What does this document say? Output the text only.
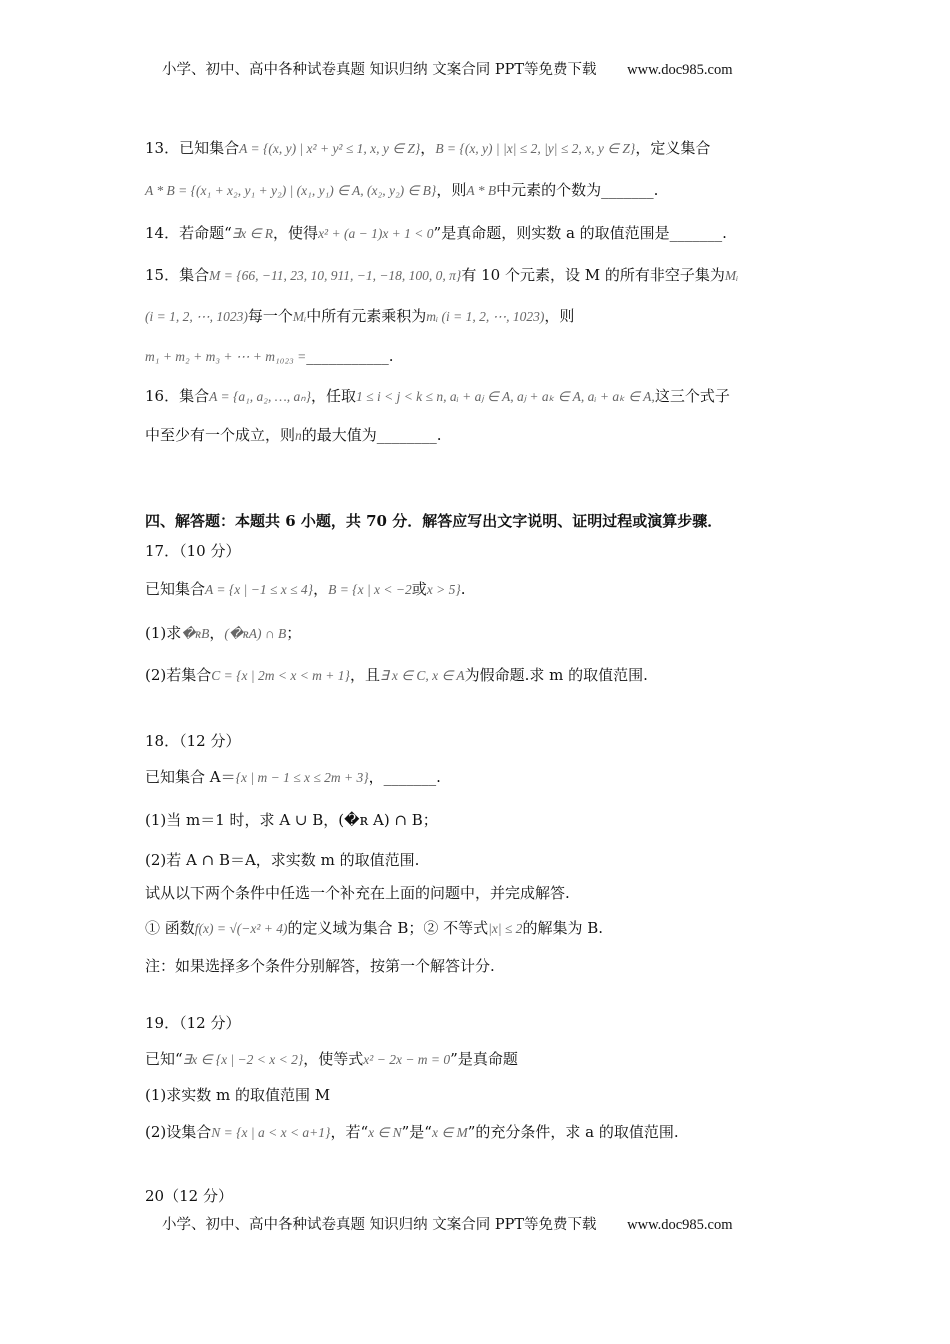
小学、初中、高中各种试卷真题 知识归纳 文案合同 PPT等免费下载 www.doc985.com
13．已知集合A = {(x, y) | x² + y² ≤ 1, x, y ∈ Z}，B = {(x, y) | |x| ≤ 2, |y| ≤ 2, x, y ∈ Z}，定义集合
A * B = {(x₁ + x₂, y₁ + y₂) | (x₁, y₁) ∈ A, (x₂, y₂) ∈ B}，则A * B中元素的个数为_______.
14．若命题“∃x ∈ R，使得x² + (a − 1)x + 1 < 0”是真命题，则实数 a 的取值范围是_______.
15．集合M = {66, −11, 23, 10, 911, −1, −18, 100, 0, π}有 10 个元素，设 M 的所有非空子集为Mᵢ
(i = 1, 2, ⋯, 1023)每一个Mᵢ中所有元素乘积为mᵢ (i = 1, 2, ⋯, 1023)，则
m₁ + m₂ + m₃ + ⋯ + m₁₀₂₃ =___________.
16．集合A = {a₁, a₂, …, aₙ}，任取1 ≤ i < j < k ≤ n, aᵢ + aⱼ ∈ A, aⱼ + aₖ ∈ A, aᵢ + aₖ ∈ A,这三个式子
中至少有一个成立，则n的最大值为________.
四、解答题：本题共 6 小题，共 70 分．解答应写出文字说明、证明过程或演算步骤．
17．（10 分）
已知集合A = {x | −1 ≤ x ≤ 4}，B = {x | x < −2或x > 5}.
(1)求�ʀB，(�ʀA) ∩ B；
(2)若集合C = {x | 2m < x < m + 1}，且∃ x ∈ C, x ∈ A为假命题.求 m 的取值范围.
18．（12 分）
已知集合 A＝{x | m − 1 ≤ x ≤ 2m + 3}，_______.
(1)当 m＝1 时，求 A ∪ B，(�ʀ A) ∩ B；
(2)若 A ∩ B＝A，求实数 m 的取值范围.
试从以下两个条件中任选一个补充在上面的问题中，并完成解答.
① 函数f(x) = √(−x² + 4)的定义域为集合 B；② 不等式|x| ≤ 2的解集为 B.
注：如果选择多个条件分别解答，按第一个解答计分.
19．（12 分）
已知“∃x ∈ {x | −2 < x < 2}，使等式x² − 2x − m = 0”是真命题
(1)求实数 m 的取值范围 M
(2)设集合N = {x | a < x < a+1}，若“x ∈ N”是“x ∈ M”的充分条件，求 a 的取值范围.
20（12 分）
小学、初中、高中各种试卷真题 知识归纳 文案合同 PPT等免费下载 www.doc985.com
